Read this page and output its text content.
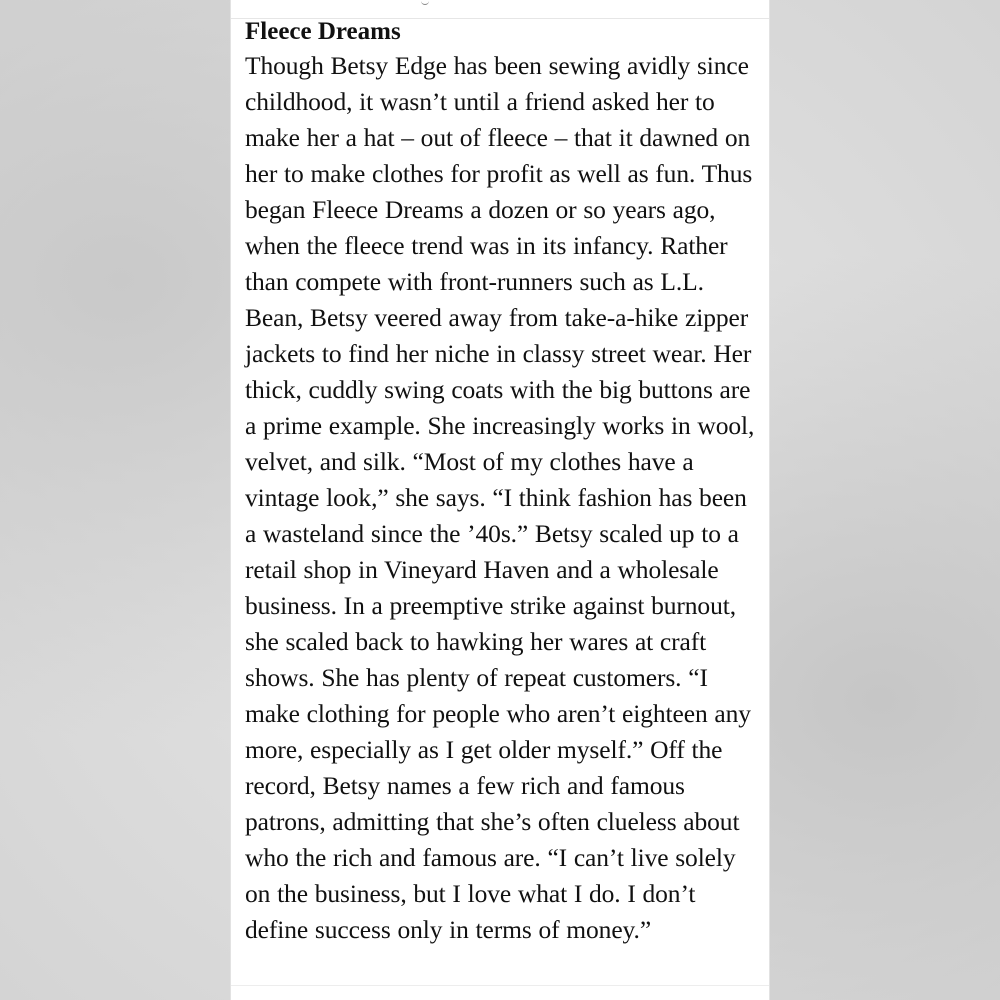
Fleece Dreams

Though Betsy Edge has been sewing avidly since childhood, it wasn’t until a friend asked her to make her a hat – out of fleece – that it dawned on her to make clothes for profit as well as fun. Thus began Fleece Dreams a dozen or so years ago, when the fleece trend was in its infancy. Rather than compete with front-runners such as L.L. Bean, Betsy veered away from take-a-hike zipper jackets to find her niche in classy street wear. Her thick, cuddly swing coats with the big buttons are a prime example. She increasingly works in wool, velvet, and silk. “Most of my clothes have a vintage look,” she says. “I think fashion has been a wasteland since the ’40s.” Betsy scaled up to a retail shop in Vineyard Haven and a wholesale business. In a preemptive strike against burnout, she scaled back to hawking her wares at craft shows. She has plenty of repeat customers. “I make clothing for people who aren’t eighteen any more, especially as I get older myself.” Off the record, Betsy names a few rich and famous patrons, admitting that she’s often clueless about who the rich and famous are. “I can’t live solely on the business, but I love what I do. I don’t define success only in terms of money.”
